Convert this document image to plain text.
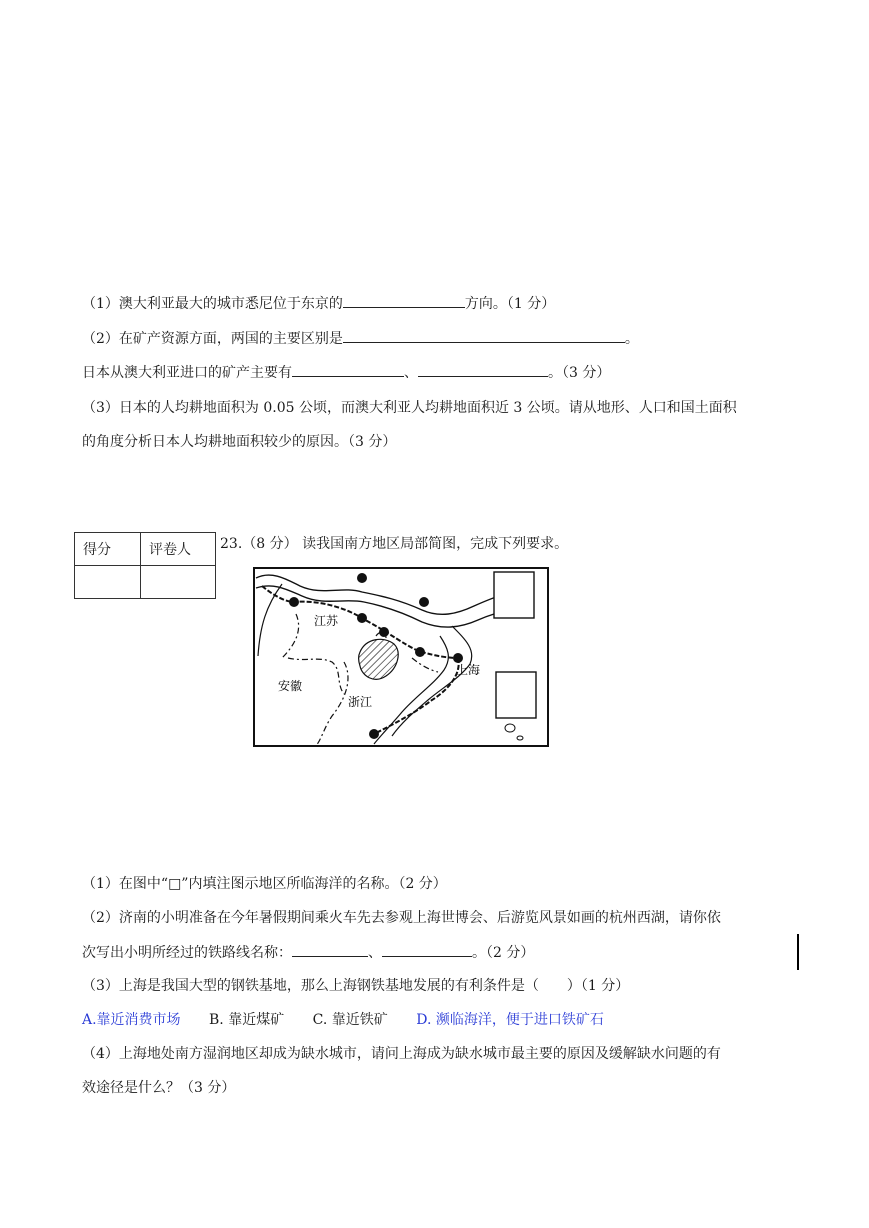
（1）澳大利亚最大的城市悉尼位于东京的	方向。（1 分）
（2）在矿产资源方面，两国的主要区别是	。
日本从澳大利亚进口的矿产主要有	、	。（3 分）
（3）日本的人均耕地面积为 0.05 公顷，而澳大利亚人均耕地面积近 3 公顷。请从地形、人口和国土面积
的角度分析日本人均耕地面积较少的原因。（3 分）
得分	评卷人
	23.（8 分） 读我国南方地区局部简图，完成下列要求。
江苏
安徽
浙江
上海
（1）在图中“□”内填注图示地区所临海洋的名称。（2 分）
（2）济南的小明准备在今年暑假期间乘火车先去参观上海世博会、后游览风景如画的杭州西湖，请你依
次写出小明所经过的铁路线名称：	、	。（2 分）
（3）上海是我国大型的钢铁基地，那么上海钢铁基地发展的有利条件是（　　）（1 分）
A.靠近消费市场 B. 靠近煤矿 C. 靠近铁矿 D. 濒临海洋，便于进口铁矿石
（4）上海地处南方湿润地区却成为缺水城市，请问上海成为缺水城市最主要的原因及缓解缺水问题的有
效途径是什么？（3 分）
